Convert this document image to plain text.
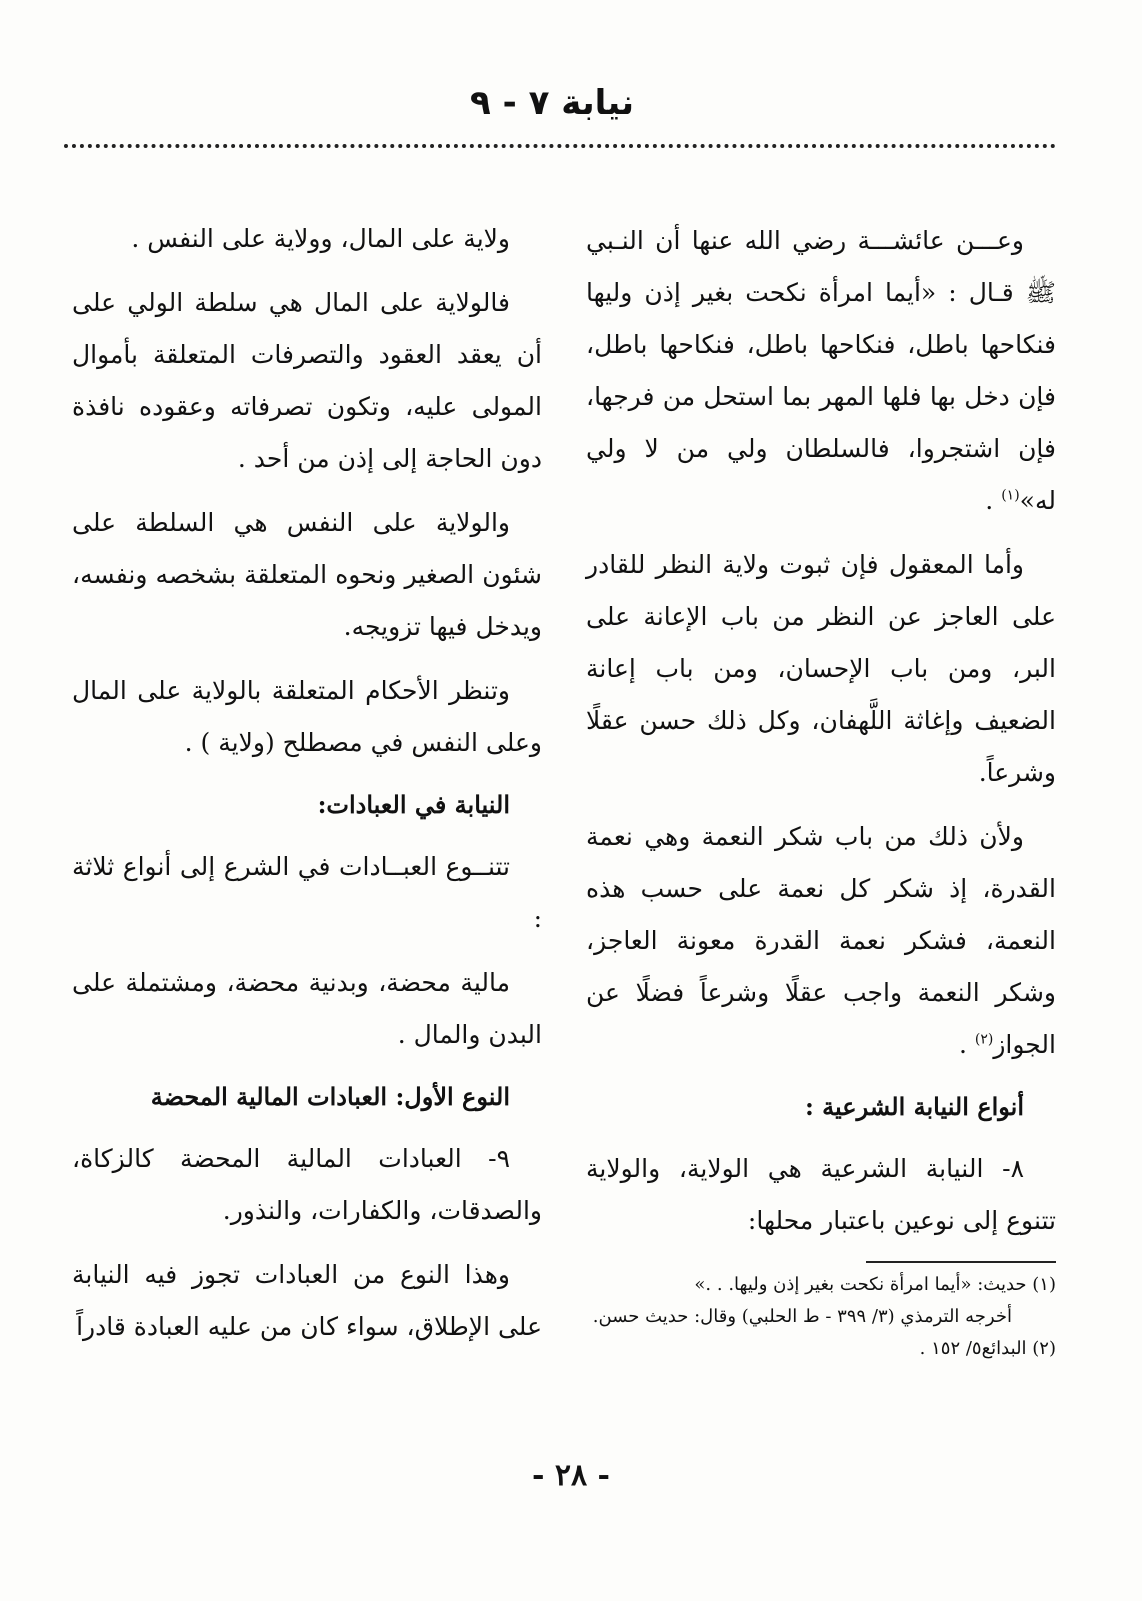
نيابة ٧ - ٩

وعـــن عائشـــة رضي الله عنها أن النـبي ﷺ قـال : «أيما امرأة نكحت بغير إذن وليها فنكاحها باطل، فنكاحها باطل، فنكاحها باطل، فإن دخل بها فلها المهر بما استحل من فرجها، فإن اشتجروا، فالسلطان ولي من لا ولي له»$^{(١)}$ .

وأما المعقول فإن ثبوت ولاية النظر للقادر على العاجز عن النظر من باب الإعانة على البر، ومن باب الإحسان، ومن باب إعانة الضعيف وإغاثة اللَّهفان، وكل ذلك حسن عقلًا وشرعاً.

ولأن ذلك من باب شكر النعمة وهي نعمة القدرة، إذ شكر كل نعمة على حسب هذه النعمة، فشكر نعمة القدرة معونة العاجز، وشكر النعمة واجب عقلًا وشرعاً فضلًا عن الجواز$^{(٢)}$ .

أنواع النيابة الشرعية :

٨- النيابة الشرعية هي الولاية، والولاية تتنوع إلى نوعين باعتبار محلها:

(١) حديث: «أيما امرأة نكحت بغير إذن وليها. . .»

أخرجه الترمذي (٣/ ٣٩٩ - ط الحلبي) وقال: حديث حسن.

(٢) البدائع٥/ ١٥٢ .

ولاية على المال، وولاية على النفس .

فالولاية على المال هي سلطة الولي على أن يعقد العقود والتصرفات المتعلقة بأموال المولى عليه، وتكون تصرفاته وعقوده نافذة دون الحاجة إلى إذن من أحد .

والولاية على النفس هي السلطة على شئون الصغير ونحوه المتعلقة بشخصه ونفسه، ويدخل فيها تزويجه.

وتنظر الأحكام المتعلقة بالولاية على المال وعلى النفس في مصطلح (ولاية ) .

النيابة في العبادات:

تتنــوع العبــادات في الشرع إلى أنواع ثلاثة :

مالية محضة، وبدنية محضة، ومشتملة على البدن والمال .

النوع الأول: العبادات المالية المحضة

٩- العبادات المالية المحضة كالزكاة، والصدقات، والكفارات، والنذور.

وهذا النوع من العبادات تجوز فيه النيابة على الإطلاق، سواء كان من عليه العبادة قادراً

- ٢٨ -
